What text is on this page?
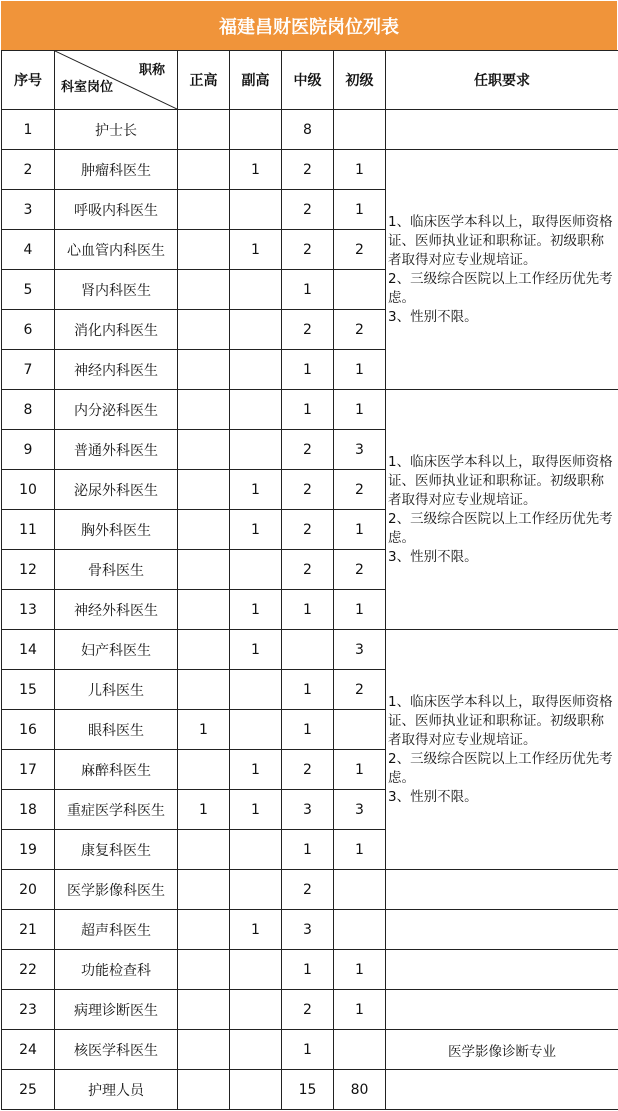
福建昌财医院岗位列表
序号	职称
科室岗位	正高	副高	中级	初级	任职要求
1	护士长			8		
2	肿瘤科医生		1	2	1	1、临床医学本科以上，取得医师资格证、医师执业证和职称证。初级职称者取得对应专业规培证。
2、三级综合医院以上工作经历优先考虑。
3、性别不限。

3	呼吸内科医生			2	1	
4	心血管内科医生		1	2	2	
5	肾内科医生			1		
6	消化内科医生			2	2	
7	神经内科医生			1	1	
8	内分泌科医生			1	1	1、临床医学本科以上，取得医师资格证、医师执业证和职称证。初级职称者取得对应专业规培证。
2、三级综合医院以上工作经历优先考虑。
3、性别不限。

9	普通外科医生			2	3	
10	泌尿外科医生		1	2	2	
11	胸外科医生		1	2	1	
12	骨科医生			2	2	
13	神经外科医生		1	1	1	
14	妇产科医生		1		3	1、临床医学本科以上，取得医师资格证、医师执业证和职称证。初级职称者取得对应专业规培证。
2、三级综合医院以上工作经历优先考虑。
3、性别不限。

15	儿科医生			1	2	
16	眼科医生	1		1		
17	麻醉科医生		1	2	1	
18	重症医学科医生	1	1	3	3	
19	康复科医生			1	1	
20	医学影像科医生			2		
21	超声科医生		1	3		
22	功能检查科			1	1	
23	病理诊断医生			2	1	
24	核医学科医生			1		医学影像诊断专业
25	护理人员			15	80	
